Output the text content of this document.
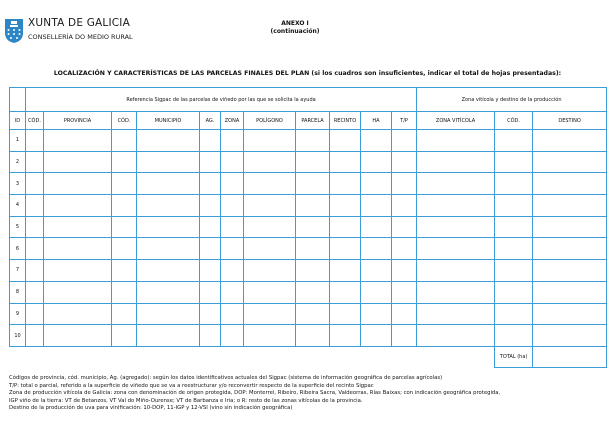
XUNTA DE GALICIA
CONSELLERÍA DO MEDIO RURAL
ANEXO I
(continuación)
LOCALIZACIÓN Y CARACTERÍSTICAS DE LAS PARCELAS FINALES DEL PLAN (si los cuadros son insuficientes, indicar el total de hojas presentadas):
	Referencia Sigpac de las parcelas de viñedo por las que se solicita la ayuda											Zona vitícola y destino de la producción		
ID	CÓD.	PROVINCIA	CÓD.	MUNICIPIO	AG.	ZONA	POLÍGONO	PARCELA	RECINTO	HA	T/P	ZONA VITÍCOLA	CÓD.	DESTINO
1														
2														
3														
4														
5														
6														
7														
8														
9														
10														
													TOTAL (ha)	
Códigos de provincia, cód. municipio, Ag. (agregado): según los datos identificativos actuales del Sigpac (sistema de información geográfica de parcelas agrícolas)
T/P: total o parcial, referido a la superficie de viñedo que se va a reestructurar y/o reconvertir respecto de la superficie del recinto Sigpac
Zona de producción vitícola de Galicia: zona con denominación de origen protegida, DOP: Monterrei, Ribeiro, Ribeira Sacra, Valdeorras, Rías Baixas; con indicación geográfica protegida,
IGP viño de la tierra: VT de Betanzos, VT Val do Miño-Ourense; VT de Barbanza e Iria; o R: resto de las zonas vitícolas de la provincia.
Destino de la producción de uva para vinificación: 10-DOP, 11-IGP y 12-VSI (vino sin indicación geográfica)
